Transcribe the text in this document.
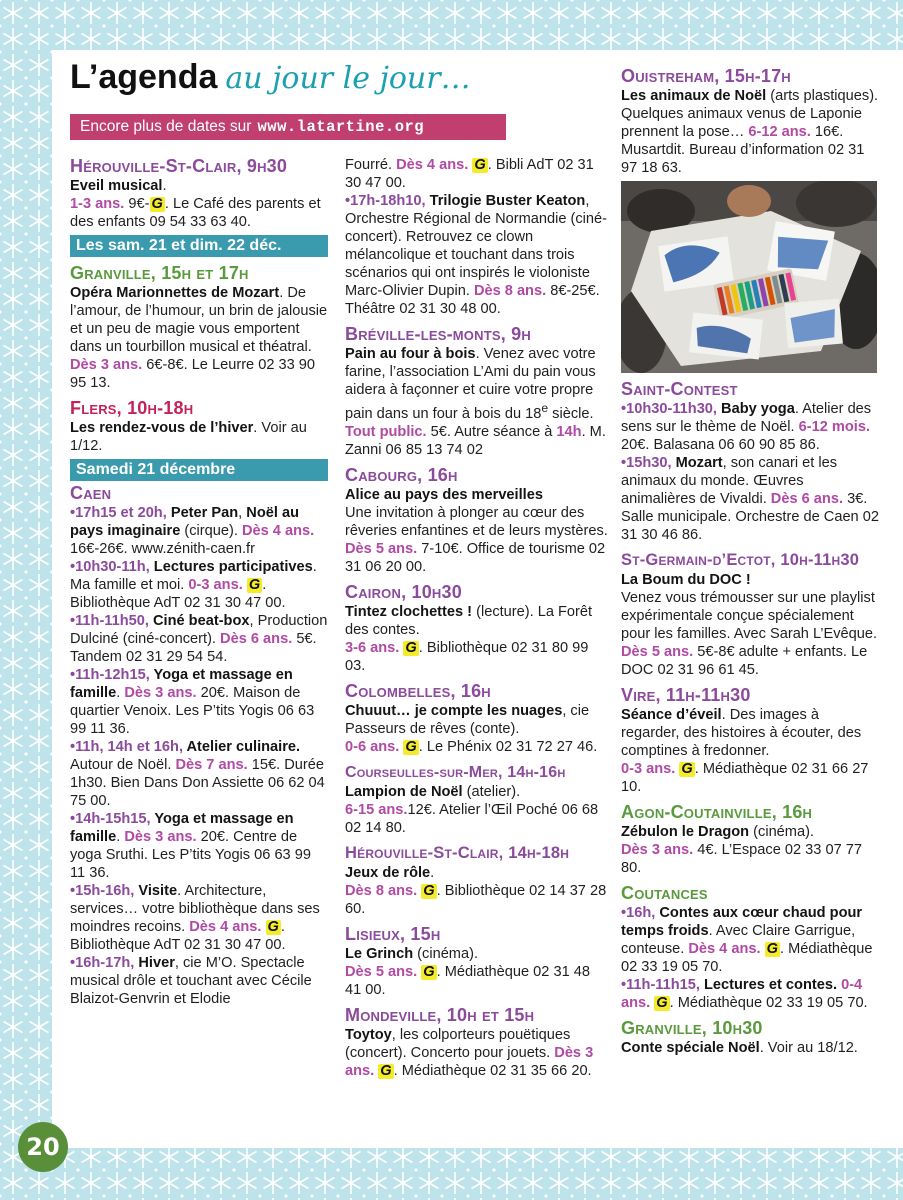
L’agenda au jour le jour…
Encore plus de dates sur www.latartine.org
Hérouville-St-Clair, 9h30

Eveil musical.
1-3 ans. 9€- G . Le Café des parents et des enfants 09 54 33 63 40.

Les sam. 21 et dim. 22 déc.
Granville, 15h et 17h

Opéra Marionnettes de Mozart. De l’amour, de l’humour, un brin de jalousie et un peu de magie vous emportent dans un tourbillon musical et théatral.
Dès 3 ans. 6€-8€. Le Leurre 02 33 90 95 13.

Flers, 10h-18h

Les rendez-vous de l’hiver. Voir au 1/12.

Samedi 21 décembre
Caen

•17h15 et 20h, Peter Pan, Noël au pays imaginaire (cirque). Dès 4 ans. 16€-26€. www.zénith-caen.fr

•10h30-11h, Lectures participatives. Ma famille et moi. 0-3 ans. G . Bibliothèque AdT 02 31 30 47 00.

•11h-11h50, Ciné beat-box, Production Dulciné (ciné-concert). Dès 6 ans. 5€. Tandem 02 31 29 54 54.

•11h-12h15, Yoga et massage en famille. Dès 3 ans. 20€. Maison de quartier Venoix. Les P’tits Yogis 06 63 99 11 36.

•11h, 14h et 16h, Atelier culinaire. Autour de Noël. Dès 7 ans. 15€. Durée 1h30. Bien Dans Don Assiette 06 62 04 75 00.

•14h-15h15, Yoga et massage en famille. Dès 3 ans. 20€. Centre de yoga Sruthi. Les P’tits Yogis 06 63 99 11 36.

•15h-16h, Visite. Architecture, services… votre bibliothèque dans ses moindres recoins. Dès 4 ans. G . Bibliothèque AdT 02 31 30 47 00.

•16h-17h, Hiver, cie M’O. Spectacle musical drôle et touchant avec Cécile Blaizot-Genvrin et Elodie

Fourré. Dès 4 ans. G . Bibli AdT 02 31 30 47 00.

•17h-18h10, Trilogie Buster Keaton, Orchestre Régional de Normandie (ciné-concert). Retrouvez ce clown mélancolique et touchant dans trois scénarios qui ont inspirés le violoniste Marc-Olivier Dupin. Dès 8 ans. 8€-25€. Théâtre 02 31 30 48 00.

Bréville-les-monts, 9h

Pain au four à bois. Venez avec votre farine, l’association L’Ami du pain vous aidera à façonner et cuire votre propre pain dans un four à bois du 18e siècle.
Tout public. 5€. Autre séance à 14h. M. Zanni 06 85 13 74 02

Cabourg, 16h

Alice au pays des merveilles
Une invitation à plonger au cœur des rêveries enfantines et de leurs mystères. Dès 5 ans. 7-10€. Office de tourisme 02 31 06 20 00.

Cairon, 10h30

Tintez clochettes ! (lecture). La Forêt des contes.
3-6 ans. G . Bibliothèque 02 31 80 99 03.

Colombelles, 16h

Chuuut… je compte les nuages, cie Passeurs de rêves (conte).
0-6 ans. G . Le Phénix 02 31 72 27 46.

Courseulles-sur-Mer, 14h-16h

Lampion de Noël (atelier).
6-15 ans.12€. Atelier l’Œil Poché 06 68 02 14 80.

Hérouville-St-Clair, 14h-18h

Jeux de rôle.
Dès 8 ans. G . Bibliothèque 02 14 37 28 60.

Lisieux, 15h

Le Grinch (cinéma).
Dès 5 ans. G . Médiathèque 02 31 48 41 00.

Mondeville, 10h et 15h

Toytoy, les colporteurs pouëtiques (concert). Concerto pour jouets. Dès 3 ans. G . Médiathèque 02 31 35 66 20.

Ouistreham, 15h-17h

Les animaux de Noël (arts plastiques). Quelques animaux venus de Laponie prennent la pose… 6-12 ans. 16€. Musartdit. Bureau d’information 02 31 97 18 63.

Saint-Contest

•10h30-11h30, Baby yoga. Atelier des sens sur le thème de Noël. 6-12 mois. 20€. Balasana 06 60 90 85 86.

•15h30, Mozart, son canari et les animaux du monde. Œuvres animalières de Vivaldi. Dès 6 ans. 3€. Salle municipale. Orchestre de Caen 02 31 30 46 86.

St-Germain-d’Ectot, 10h-11h30

La Boum du DOC !
Venez vous trémousser sur une playlist expérimentale conçue spécialement pour les familles. Avec Sarah L’Evêque.
Dès 5 ans. 5€-8€ adulte + enfants. Le DOC 02 31 96 61 45.

Vire, 11h-11h30

Séance d’éveil. Des images à regarder, des histoires à écouter, des comptines à fredonner.
0-3 ans. G . Médiathèque 02 31 66 27 10.

Agon-Coutainville, 16h

Zébulon le Dragon (cinéma).
Dès 3 ans. 4€. L’Espace 02 33 07 77 80.

Coutances

•16h, Contes aux cœur chaud pour temps froids. Avec Claire Garrigue, conteuse. Dès 4 ans. G . Médiathèque 02 33 19 05 70.

•11h-11h15, Lectures et contes. 0-4 ans. G . Médiathèque 02 33 19 05 70.

Granville, 10h30

Conte spéciale Noël. Voir au 18/12.

20
